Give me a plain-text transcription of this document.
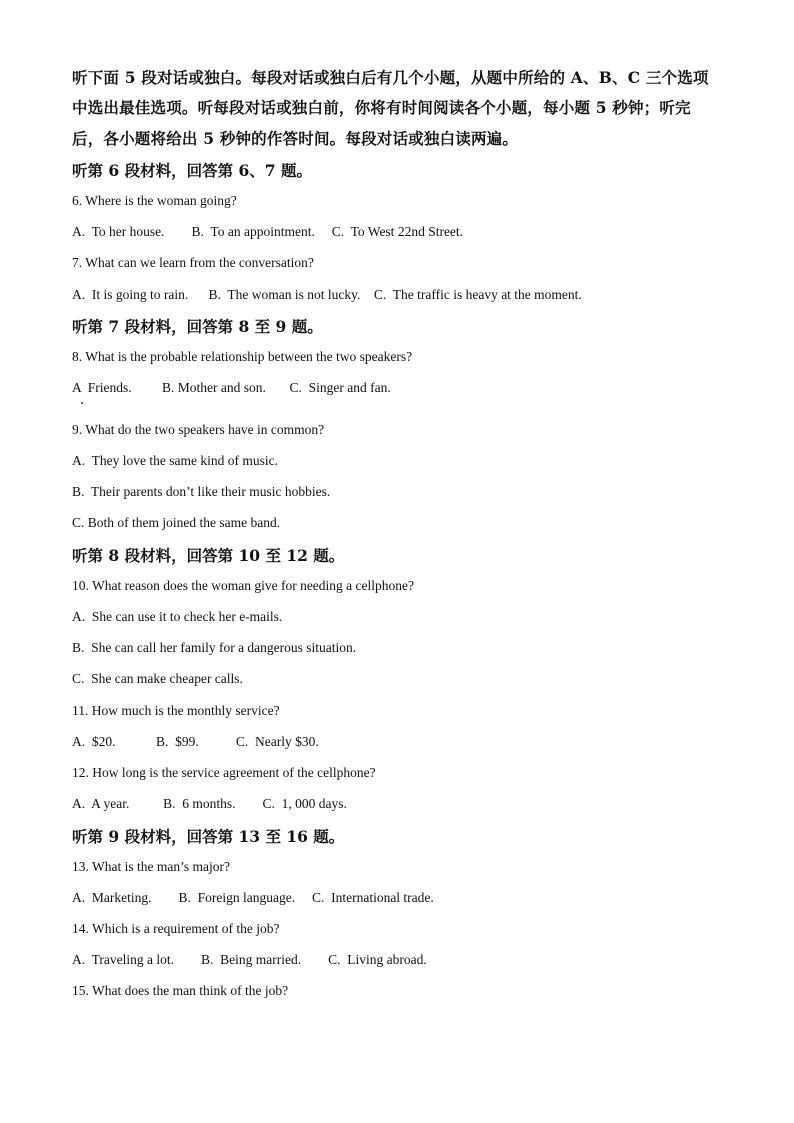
听下面 5 段对话或独白。每段对话或独白后有几个小题，从题中所给的 A、B、C 三个选项
中选出最佳选项。听每段对话或独白前，你将有时间阅读各个小题，每小题 5 秒钟；听完
后，各小题将给出 5 秒钟的作答时间。每段对话或独白读两遍。
听第 6 段材料，回答第 6、7 题。
6. Where is the woman going?
A.  To her house.        B.  To an appointment.     C.  To West 22nd Street.
7. What can we learn from the conversation?
A.  It is going to rain.      B.  The woman is not lucky.    C.  The traffic is heavy at the moment.
听第 7 段材料，回答第 8 至 9 题。
8. What is the probable relationship between the two speakers?
A  Friends.         B. Mother and son.       C.  Singer and fan.
9. What do the two speakers have in common?
A.  They love the same kind of music.
B.  Their parents don’t like their music hobbies.
C. Both of them joined the same band.
听第 8 段材料，回答第 10 至 12 题。
10. What reason does the woman give for needing a cellphone?
A.  She can use it to check her e-mails.
B.  She can call her family for a dangerous situation.
C.  She can make cheaper calls.
11. How much is the monthly service?
A.  $20.            B.  $99.           C.  Nearly $30.
12. How long is the service agreement of the cellphone?
A.  A year.          B.  6 months.        C.  1, 000 days.
听第 9 段材料，回答第 13 至 16 题。
13. What is the man’s major?
A.  Marketing.        B.  Foreign language.     C.  International trade.
14. Which is a requirement of the job?
A.  Traveling a lot.        B.  Being married.        C.  Living abroad.
15. What does the man think of the job?
